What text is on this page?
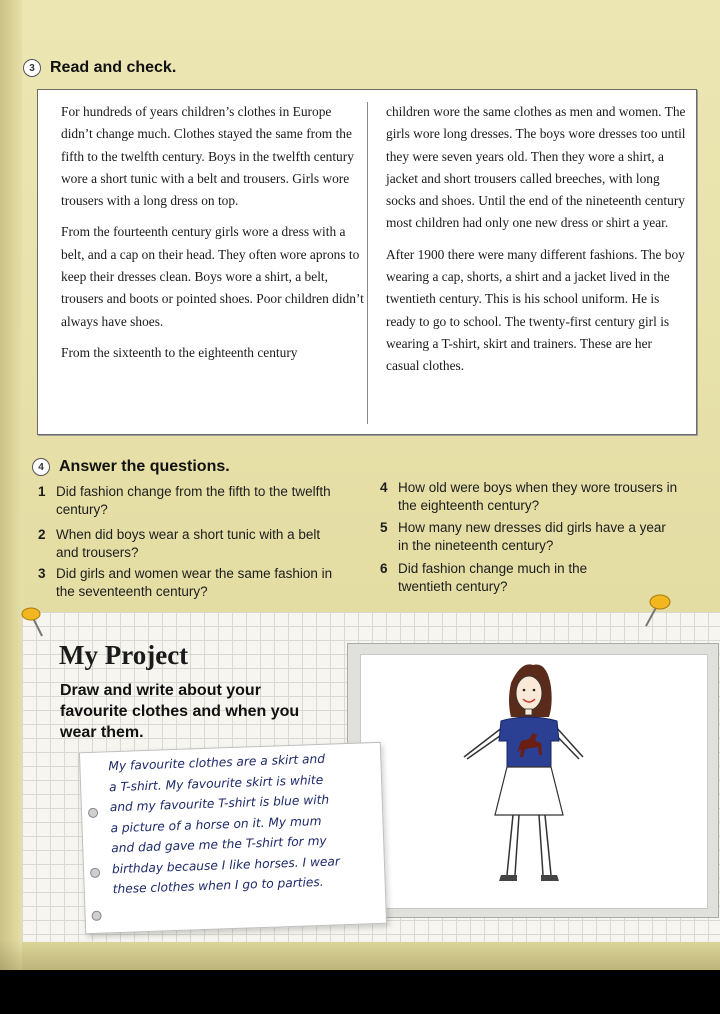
3 Read and check.

For hundreds of years children’s clothes in Europe didn’t change much. Clothes stayed the same from the fifth to the twelfth century. Boys in the twelfth century wore a short tunic with a belt and trousers. Girls wore trousers with a long dress on top.

From the fourteenth century girls wore a dress with a belt, and a cap on their head. They often wore aprons to keep their dresses clean. Boys wore a shirt, a belt, trousers and boots or pointed shoes. Poor children didn’t always have shoes.

From the sixteenth to the eighteenth century

children wore the same clothes as men and women. The girls wore long dresses. The boys wore dresses too until they were seven years old. Then they wore a shirt, a jacket and short trousers called breeches, with long socks and shoes. Until the end of the nineteenth century most children had only one new dress or shirt a year.

After 1900 there were many different fashions. The boy wearing a cap, shorts, a shirt and a jacket lived in the twentieth century. This is his school uniform. He is ready to go to school. The twenty-first century girl is wearing a T-shirt, skirt and trainers. These are her casual clothes.

4 Answer the questions.
1 Did fashion change from the fifth to the twelfth century?
2 When did boys wear a short tunic with a belt and trousers?
3 Did girls and women wear the same fashion in the seventeenth century?
4 How old were boys when they wore trousers in the eighteenth century?
5 How many new dresses did girls have a year in the nineteenth century?
6 Did fashion change much in the twentieth century?
My Project
Draw and write about your favourite clothes and when you wear them.
My favourite clothes are a skirt and
a T-shirt. My favourite skirt is white
and my favourite T-shirt is blue with
a picture of a horse on it. My mum
and dad gave me the T-shirt for my
birthday because I like horses. I wear
these clothes when I go to parties.
